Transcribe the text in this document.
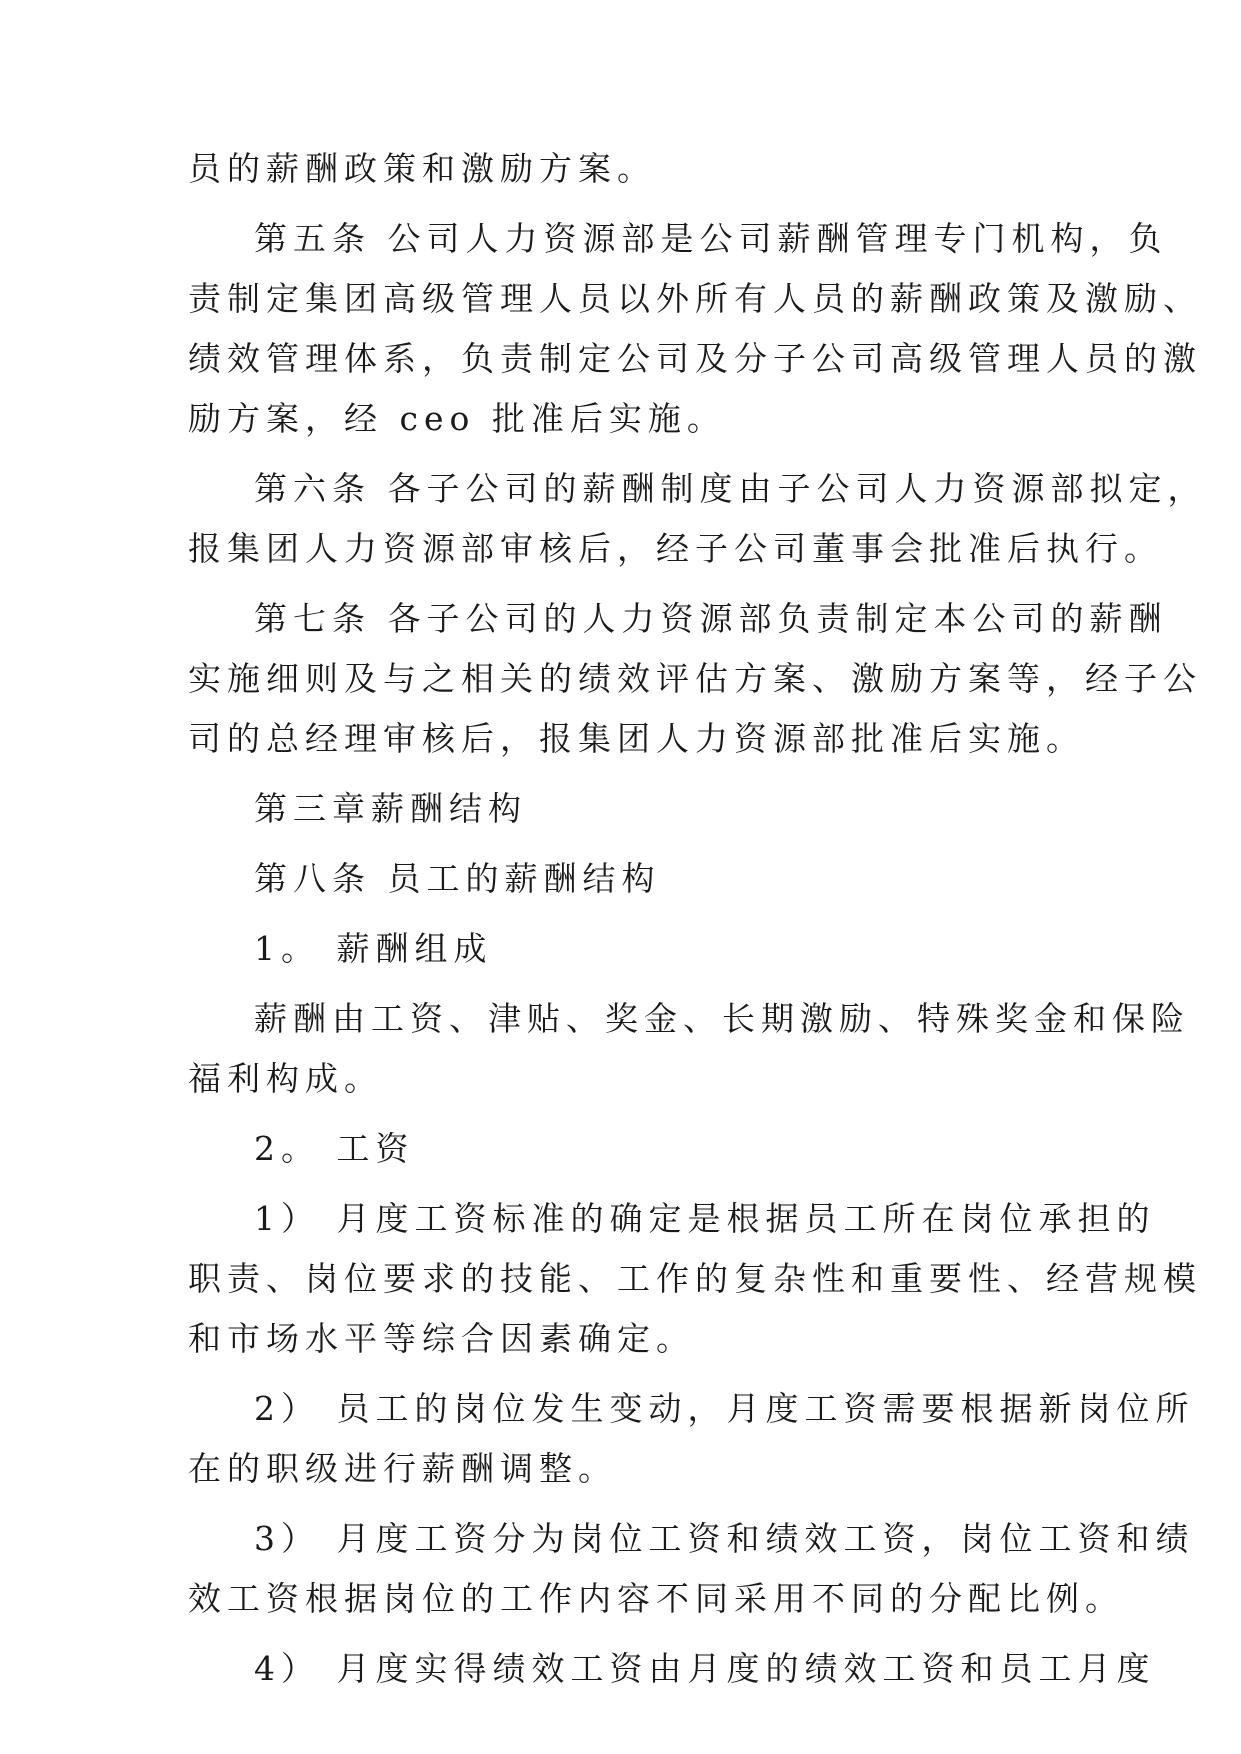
员的薪酬政策和激励方案。
第五条 公司人力资源部是公司薪酬管理专门机构，负
责制定集团高级管理人员以外所有人员的薪酬政策及激励、
绩效管理体系，负责制定公司及分子公司高级管理人员的激
励方案，经 ceo 批准后实施。
第六条 各子公司的薪酬制度由子公司人力资源部拟定，
报集团人力资源部审核后，经子公司董事会批准后执行。
第七条 各子公司的人力资源部负责制定本公司的薪酬
实施细则及与之相关的绩效评估方案、激励方案等，经子公
司的总经理审核后，报集团人力资源部批准后实施。
第三章薪酬结构
第八条 员工的薪酬结构
1。 薪酬组成
薪酬由工资、津贴、奖金、长期激励、特殊奖金和保险
福利构成。
2。 工资
1） 月度工资标准的确定是根据员工所在岗位承担的
职责、岗位要求的技能、工作的复杂性和重要性、经营规模
和市场水平等综合因素确定。
2） 员工的岗位发生变动，月度工资需要根据新岗位所
在的职级进行薪酬调整。
3） 月度工资分为岗位工资和绩效工资，岗位工资和绩
效工资根据岗位的工作内容不同采用不同的分配比例。
4） 月度实得绩效工资由月度的绩效工资和员工月度
